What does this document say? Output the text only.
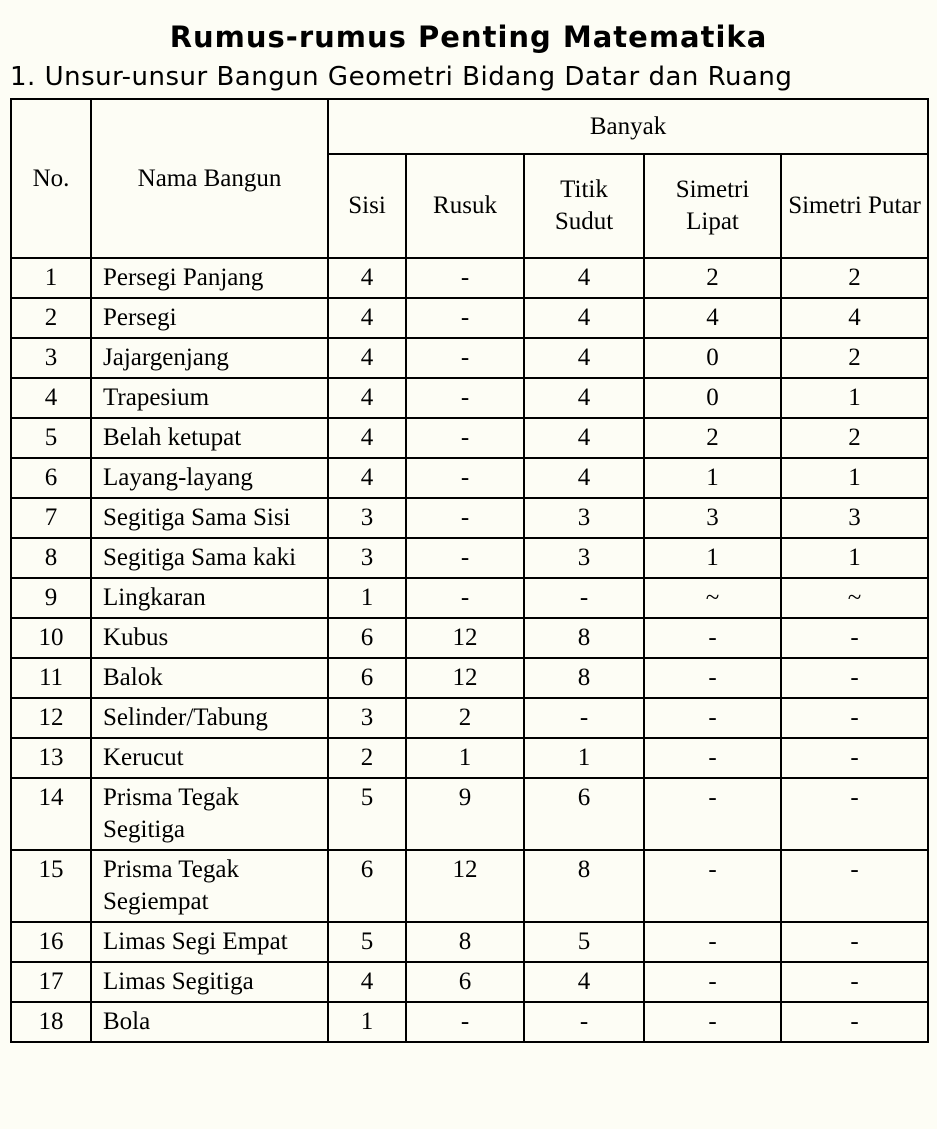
Rumus-rumus Penting Matematika
1. Unsur-unsur Bangun Geometri Bidang Datar dan Ruang
No.	Nama Bangun	Banyak				
		Sisi	Rusuk	Titik Sudut	Simetri Lipat	Simetri Putar
1	Persegi Panjang	4	-	4	2	2
2	Persegi	4	-	4	4	4
3	Jajargenjang	4	-	4	0	2
4	Trapesium	4	-	4	0	1
5	Belah ketupat	4	-	4	2	2
6	Layang-layang	4	-	4	1	1
7	Segitiga Sama Sisi	3	-	3	3	3
8	Segitiga Sama kaki	3	-	3	1	1
9	Lingkaran	1	-	-	~	~
10	Kubus	6	12	8	-	-
11	Balok	6	12	8	-	-
12	Selinder/Tabung	3	2	-	-	-
13	Kerucut	2	1	1	-	-
14	Prisma Tegak Segitiga	5	9	6	-	-
15	Prisma Tegak Segiempat	6	12	8	-	-
16	Limas Segi Empat	5	8	5	-	-
17	Limas Segitiga	4	6	4	-	-
18	Bola	1	-	-	-	-
